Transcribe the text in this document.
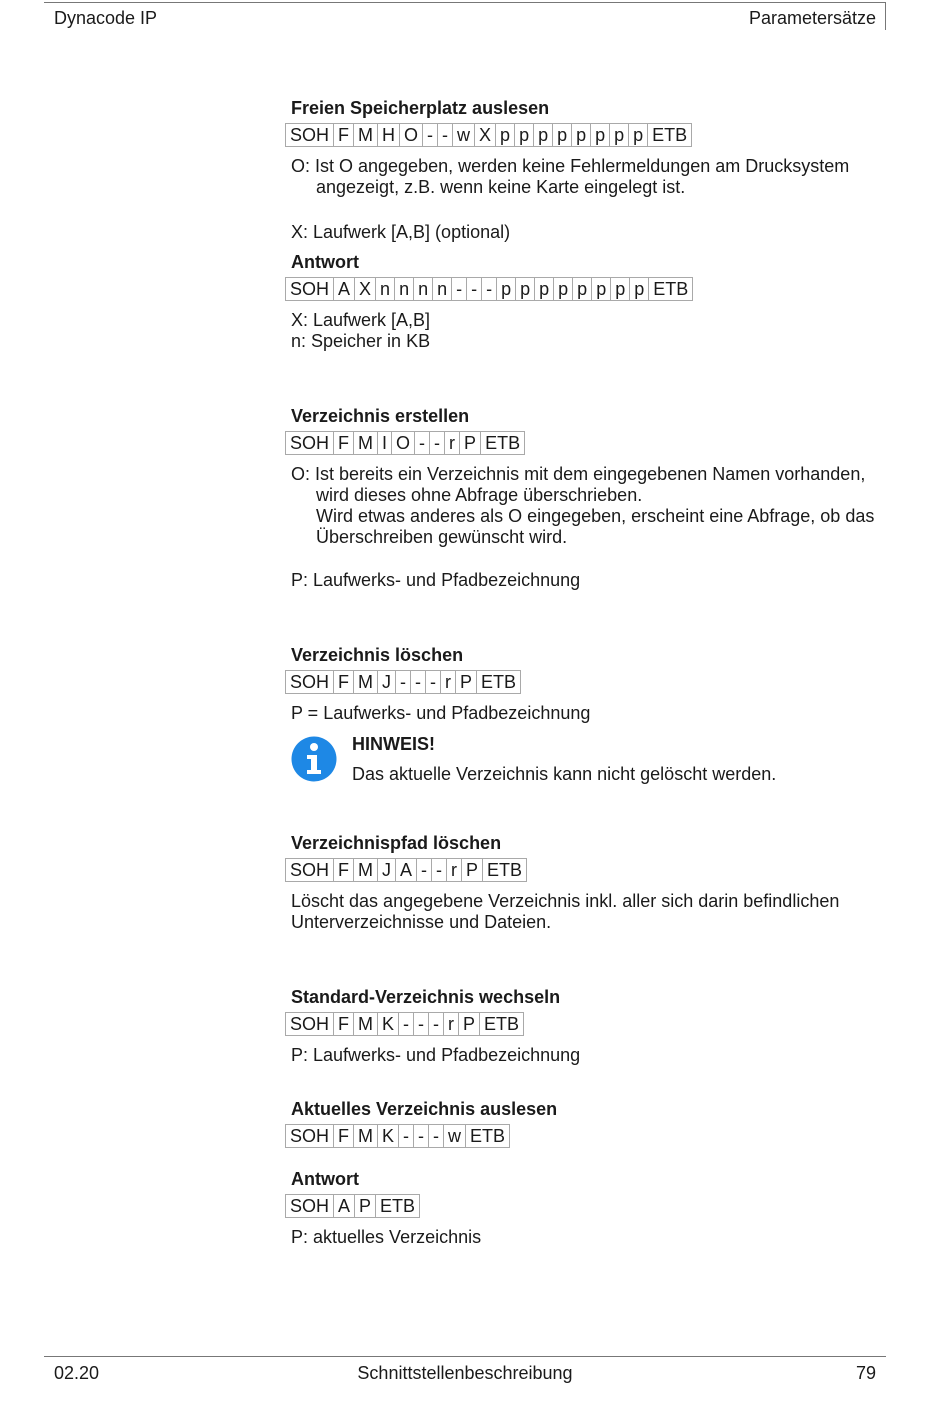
Dynacode IP	Parametersätze
Freien Speicherplatz auslesen
SOH F M H O - - w X p p p p p p p p ETB

O: Ist O angegeben, werden keine Fehlermeldungen am Drucksystem angezeigt, z.B. wenn keine Karte eingelegt ist.

X: Laufwerk [A,B] (optional)

Antwort
SOH A X n n n n - - - p p p p p p p p ETB

X: Laufwerk [A,B]

n: Speicher in KB

Verzeichnis erstellen
SOH F M I O - - r P ETB

O: Ist bereits ein Verzeichnis mit dem eingegebenen Namen vorhanden, wird dieses ohne Abfrage überschrieben.

Wird etwas anderes als O eingegeben, erscheint eine Abfrage, ob das Überschreiben gewünscht wird.

P: Laufwerks- und Pfadbezeichnung

Verzeichnis löschen
SOH F M J - - - r P ETB

P = Laufwerks- und Pfadbezeichnung

HINWEIS!
Das aktuelle Verzeichnis kann nicht gelöscht werden.
Verzeichnispfad löschen
SOH F M J A - - r P ETB

Löscht das angegebene Verzeichnis inkl. aller sich darin befindlichen Unterverzeichnisse und Dateien.

Standard-Verzeichnis wechseln
SOH F M K - - - r P ETB

P: Laufwerks- und Pfadbezeichnung

Aktuelles Verzeichnis auslesen
SOH F M K - - - w ETB
Antwort
SOH A P ETB

P: aktuelles Verzeichnis

02.20	Schnittstellenbeschreibung	79
